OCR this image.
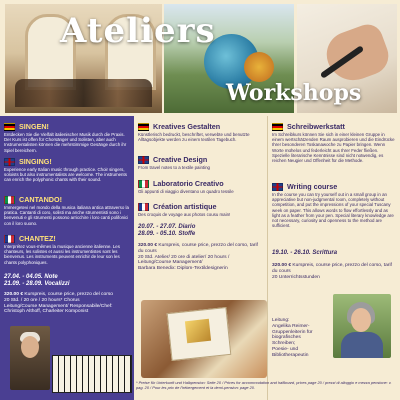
Ateliers
Workshops
SINGEN!
Entdecken Sie die Vielfalt italienischer Musik durch die Praxis. Der Kurs ist offen für Chorsänger und Solisten, aber auch Instrumentalisten können die mehrstimmige Gesänge durch ihr Spiel bereichern.
SINGING!
Experience early Italian music through practice. Choir singers, soloists but also instrumentalists are welcome. The instruments can enrich the polyphonic chants with their sound.
CANTANDO!
Immergetevi nel mondo della musica italiana antica attraverso la pratica. Cantanti di coro, solisti ma anche strumentisti sono i benvenuti e gli strumenti possono arricchire i loro canti polifonici con il loro suono.
CHANTEZ!
Interprétez vous-mêmes la musique ancienne italienne. Les chanteurs, les solistes et aussi les instrumentistes sont les bienvenus. Les instruments peuvent enrichir de leur son les chants polyphoniques.
27.04. - 04.05. Note
21.09. - 28.09. Vocalizzi
320.00 € Kurspreis, course price, prezzo del corso
20 Std. / 20 ore / 20 hours* Chorus
Leitung/Course Management/ Responsabile/Chef: Christoph Althoff, Charleiter Komponist
Kreatives Gestalten
Künstlerisch bedruckt, beschriftet, verwebte und benutzte Alltagsobjekte werden zu einem textilen Tagebuch.
Creative Design
From travel notes to a textile painting
Laboratorio Creativo
Gli appunti di viaggio diventano un quadro tessile
Création artistique
Des croquis de voyage aux photos cousu main!
20.07. - 27.07. Diario
28.09. - 05.10. Stoffe
320.00 € Kurspreis, course price, prezzo del corso, tarif du cours
20 Std. Atelier/ 20 ore di atelier/ 20 hours / Leitung/Course Management/
Barbara Benedix: Diplom-Textildesignerin
Schreibwerkstatt
Im Schreibkurs können Sie sich in einer kleinen Gruppe in einem wertschätzenden Raum ausprobieren und die Eindrücke Ihrer besonderen Toskanawoche zu Papier bringen. Wenn Worte mühelos und federleicht aus Ihrer Feder fließen. Spezielle literarische Kenntnisse sind nicht notwendig, es reichen Neugier und Offenheit für die Methode.
Writing course
In the course you can try yourself out in a small group in an appreciative but non-judgmental room, completely without competition, and put the impressions of your special Tuscany week on paper. This allows words to flow effortlessly and as light as a feather from your pen. Special literary knowledge are not necessary, curiosity and openness to the method are sufficient.
19.10. - 26.10. Scrittura
320.00 € Kurspreis, course price, prezzo del corso, tarif du cours
20 Unterrichtsstunden
Leitung:
Angelika Reimer-
Gruppenleiterin für
biografisches
Schreiben;
Poesie- und
Bibliotherapeutin
* Preise für Unterkunft und Halbpension: Seite 20 / Prices for accommodation and halfboard, prices page 20 / prezzi di alloggio e mezza pensione: v. pag. 20 / Pour les prix de l'hébergement et la demi-pension: page 20.
